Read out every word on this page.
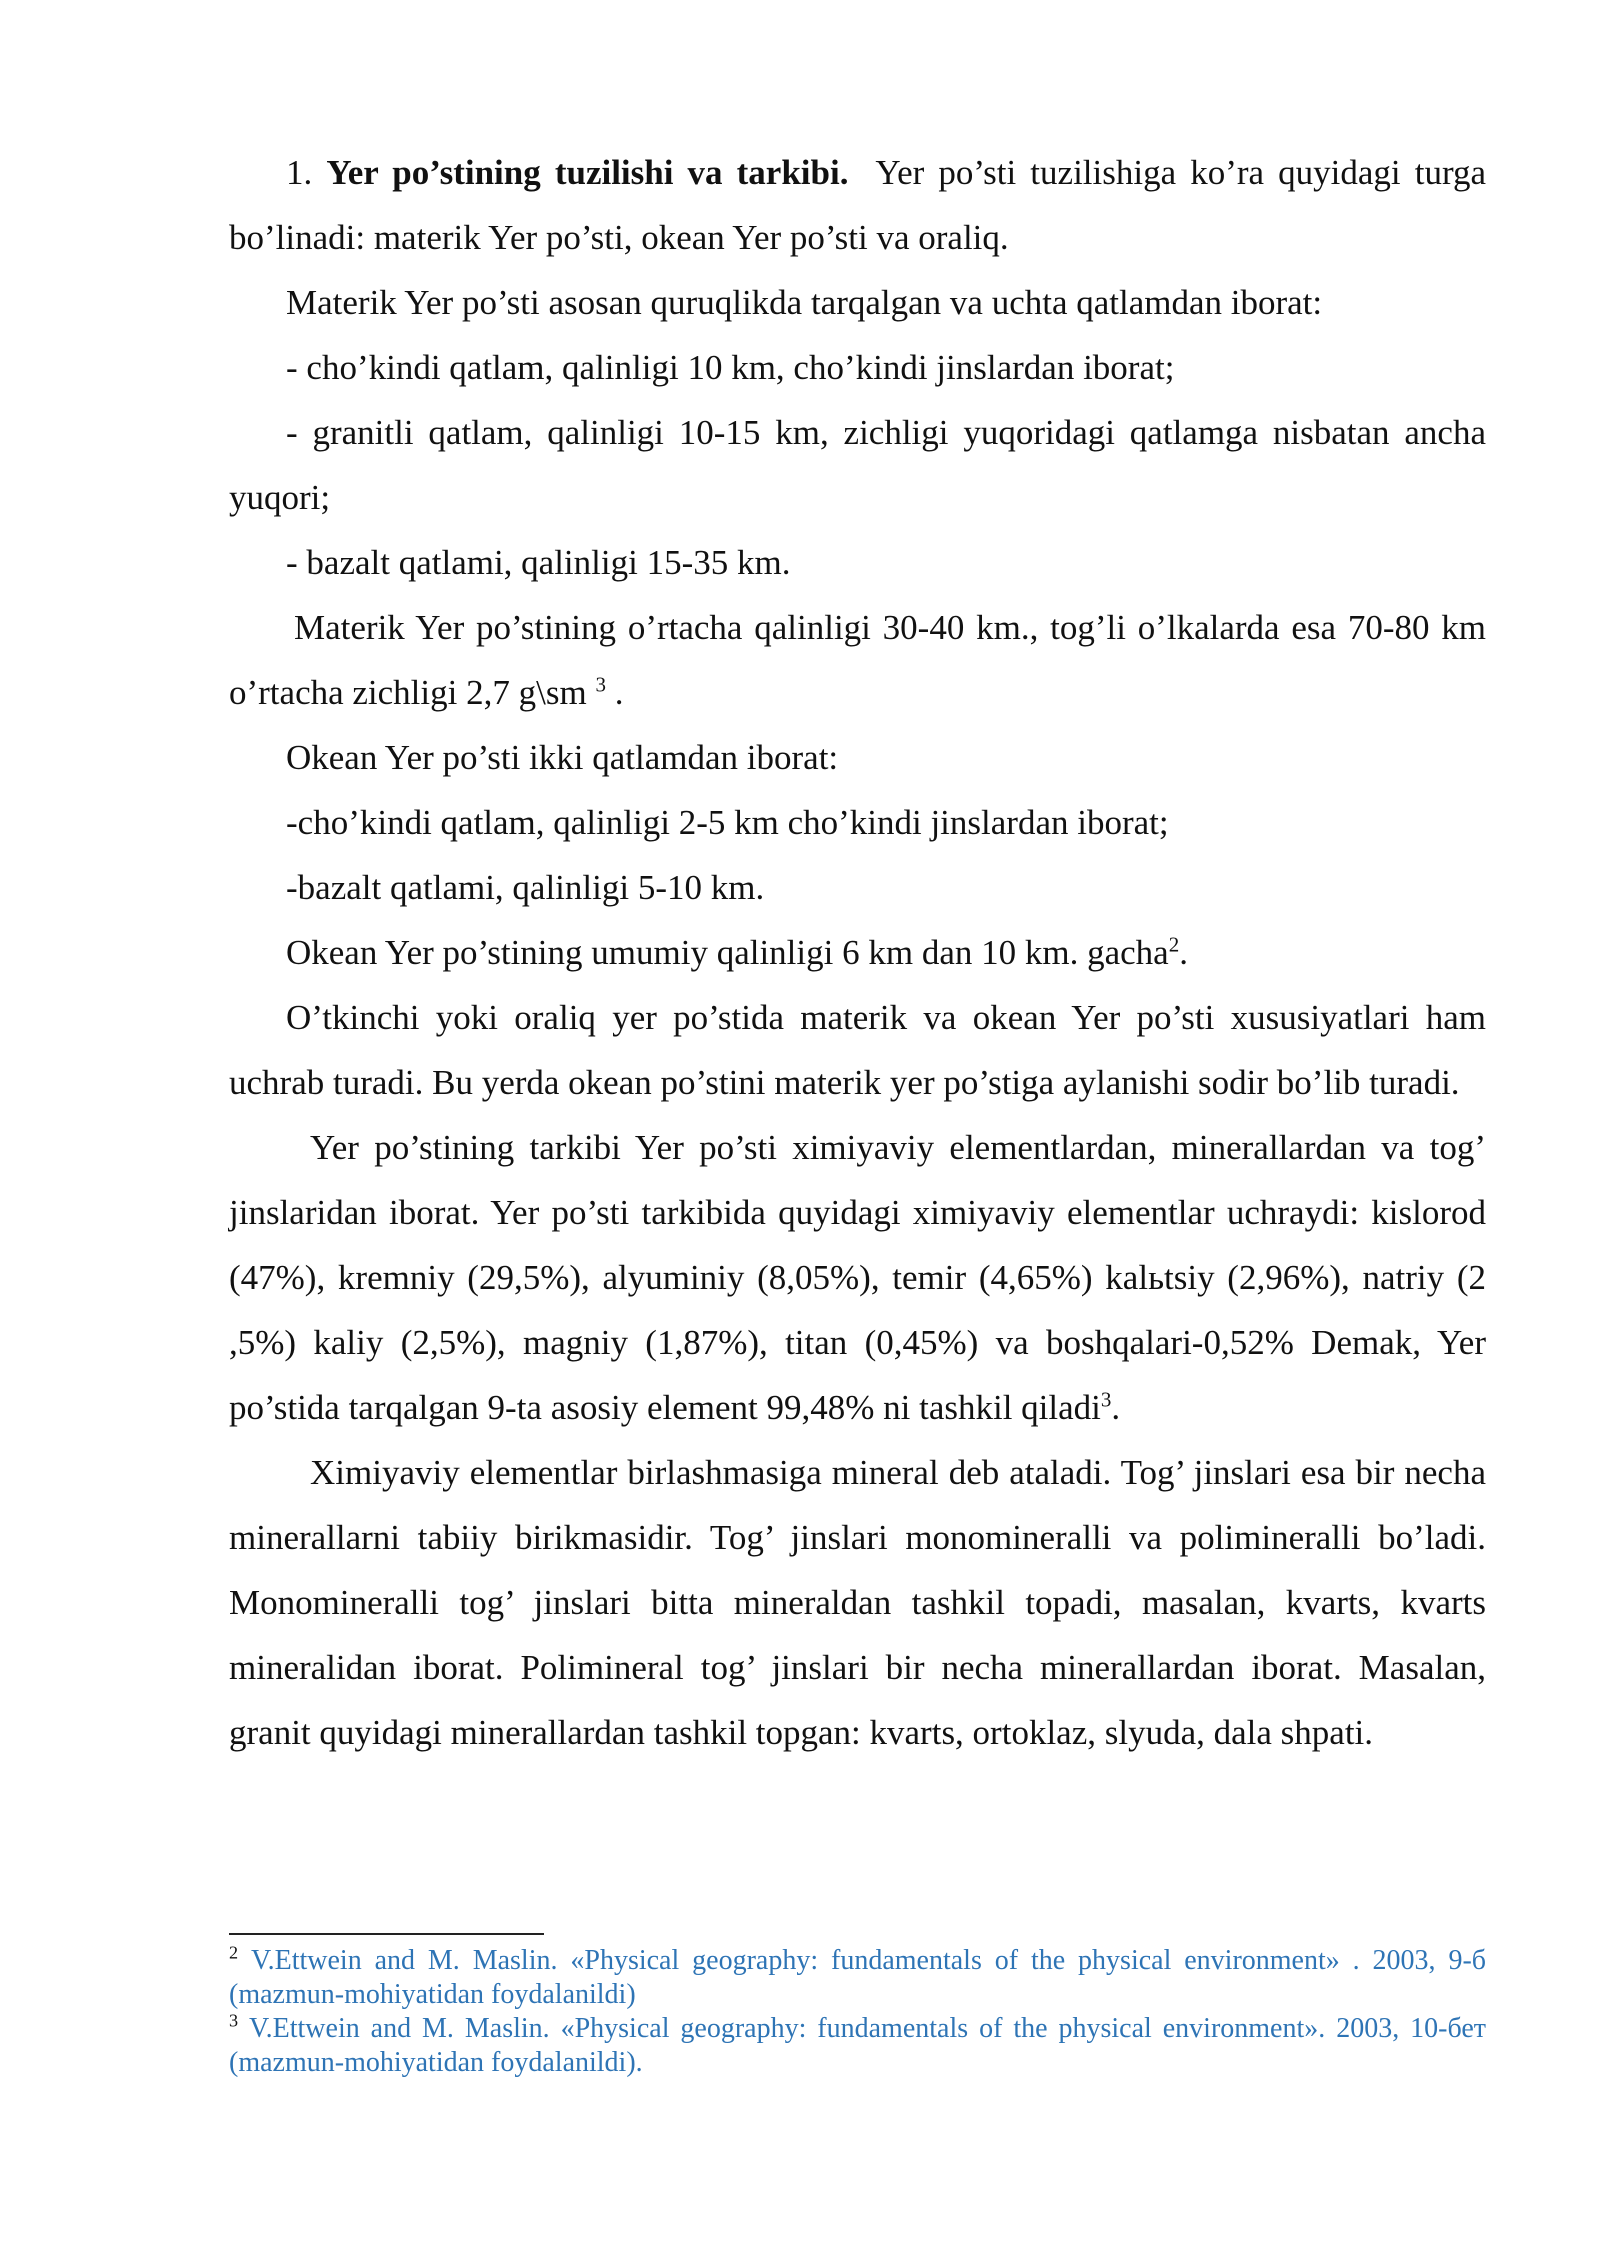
1. Yer po’stining tuzilishi va tarkibi. Yer po’sti tuzilishiga ko’ra quyidagi turga bo’linadi: materik Yer po’sti, okean Yer po’sti va oraliq.

Materik Yer po’sti asosan quruqlikda tarqalgan va uchta qatlamdan iborat:

- cho’kindi qatlam, qalinligi 10 km, cho’kindi jinslardan iborat;

- granitli qatlam, qalinligi 10-15 km, zichligi yuqoridagi qatlamga nisbatan ancha yuqori;

- bazalt qatlami, qalinligi 15-35 km.

Materik Yer po’stining o’rtacha qalinligi 30-40 km., tog’li o’lkalarda esa 70-80 km o’rtacha zichligi 2,7 g\sm $^3$ .

Okean Yer po’sti ikki qatlamdan iborat:

-cho’kindi qatlam, qalinligi 2-5 km cho’kindi jinslardan iborat;

-bazalt qatlami, qalinligi 5-10 km.

Okean Yer po’stining umumiy qalinligi 6 km dan 10 km. gacha$^2$.

O’tkinchi yoki oraliq yer po’stida materik va okean Yer po’sti xususiyatlari ham uchrab turadi. Bu yerda okean po’stini materik yer po’stiga aylanishi sodir bo’lib turadi.

Yer po’stining tarkibi Yer po’sti ximiyaviy elementlardan, minerallardan va tog’ jinslaridan iborat. Yer po’sti tarkibida quyidagi ximiyaviy elementlar uchraydi: kislorod (47%), kremniy (29,5%), alyuminiy (8,05%), temir (4,65%) kalьtsiy (2,96%), natriy (2 ,5%) kaliy (2,5%), magniy (1,87%), titan (0,45%) va boshqalari-0,52% Demak, Yer po’stida tarqalgan 9-ta asosiy element 99,48% ni tashkil qiladi$^3$.

Ximiyaviy elementlar birlashmasiga mineral deb ataladi. Tog’ jinslari esa bir necha minerallarni tabiiy birikmasidir. Tog’ jinslari monomineralli va polimineralli bo’ladi. Monomineralli tog’ jinslari bitta mineraldan tashkil topadi, masalan, kvarts, kvarts mineralidan iborat. Polimineral tog’ jinslari bir necha minerallardan iborat. Masalan, granit quyidagi minerallardan tashkil topgan: kvarts, ortoklaz, slyuda, dala shpati.

$^2$ V.Ettwein and M. Maslin. «Physical geography: fundamentals of the physical environment» . 2003, 9-б (mazmun-mohiyatidan foydalanildi)

$^3$ V.Ettwein and M. Maslin. «Physical geography: fundamentals of the physical environment». 2003, 10-бет (mazmun-mohiyatidan foydalanildi).
